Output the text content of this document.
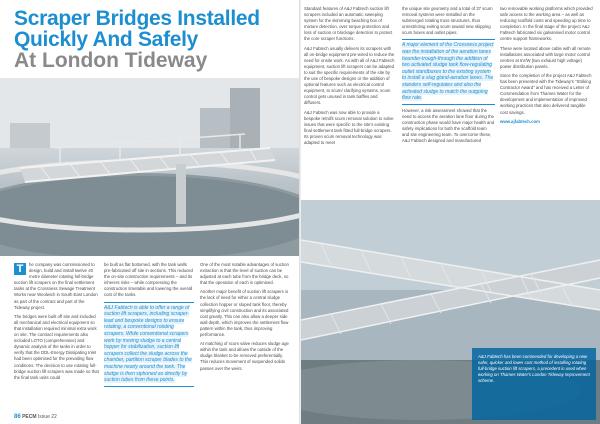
Scraper Bridges Installed
Quickly And Safely
At London Tideway

T	he company was commissioned to design, build and install twelve 40 metre diameter rotating full-bridge suction lift scrapers on the final settlement tanks at the Crossness Sewage Treatment Works near Woolwich in South East London as part of the contract and part of the Tideway project.

The bridges were built off site and included all mechanical and electrical equipment so that installation required minimal extra work on site. The contract requirements also included LOTO (comprehensive) and dynamic analysis of the tanks in order to verify that the DDL-Energy Dissipating Inlet had been optimised for the prevailing flow conditions. The decision to use rotating full-bridge suction lift scrapers was made so that the final tank units could

be built as flat bottomed, with the tank walls pre-fabricated off site in sections. This reduced the on-site construction requirements – and its inherent risks – while compressing the construction timetable and lowering the overall cost of the tanks.

A&J Fabtech is able to offer a range of suction lift scrapers, including scraper-lead and bespoke designs to ensure rotating, a conventional rotating scrapers. While conventional scrapers work by moving sludge to a central hopper for stabilization, suction lift scrapers collect the sludge across the chamber, partition scraper blades to the machine nearly around the tank. The sludge is then siphoned as directly by suction tubes from these points.

One of the most notable advantages of suction extraction is that the level of suction can be adjusted at each tube from the bridge deck, so that the operation of each is optimised.

Another major benefit of suction lift scrapers is the lack of need for either a central sludge collection hopper or sloped tank floor, thereby simplifying civil construction and its associated cost greatly. This can also allow a deeper side wall depth, which improves the settlement flow pattern within the tank, thus improving performance.

At matching of scum valve reduces sludge age within the tank and allows the outside of the sludge blanket to be removed preferentially. This reduces movement of suspended solids passes over the weirs.

86 PECM Issue 22

Standard features of A&J Fabtech suction lift scrapers included an automatic sweeping system for the skimming beaching box of mixture detection, over torque protection and loss of suction or blockage detection to protect the core scraper functions.

A&J Fabtech usually delivers its scrapers with all on-bridge equipment pre-wired to reduce the need for onsite work. As with all of A&J Fabtech equipment, suction lift scrapers can be adapted to suit the specific requirements of the site by the use of bespoke designs or the addition of optional features such as electrical control equipment, to scum/ clarifying systems, scum control gets unused in tank baffles and diffusers.

A&J Fabtech was now able to provide a bespoke retrofit scum removal solution to solve issues that were specific to the site's existing final settlement tank fitted full-bridge scrapers. Its proven scum removal technology was adapted to meet

the unique site geometry and a total of 37 scum removal systems were installed on the submerged rotating truss structures, thus unrestricting exiting scum toward new skipping scum boxes and outlet pipes.

A major element of the Crossness project was the installation of the aeration lanes bounder-trough-through the addition of two activated sludge tank flow-regulating outlet standboxes to the existing system to install a slug gland-aeration lanes. The standers self-regulates and also the activated sludge to match the outgoing flow rate.

However, a risk assessment showed that the need to access the aeration lane floor during the construction phase would have major health and safety implications for both the scaffold team and site engineering team. To overcome these, A&J Fabtech designed and manufactured

two removable working platforms which provided safe access to the working area – as well as reducing scaffold costs and speeding up time to completion. In the final stage of the project A&J Fabtech fabricated six galvanised motor control centre support frameworks.

These were located above cable with all remote installations associated with large motor control centres at 6V/W (two exhaust high voltage) power distribution panels.

Since the completion of the project A&J Fabtech has been presented with the Tideway's "Striking Contractor Award" and has received a Letter of Commendation from Thames Water for the development and implementation of improved working practices that also delivered tangible cost savings.

www.ajfabtech.com

A&J Fabtech has been commended for developing a new safer, quicker and lower cost method of installing rotating full-bridge suction lift scrapers, a precedent in used when working on Thames Water's London Tideway improvement scheme.
